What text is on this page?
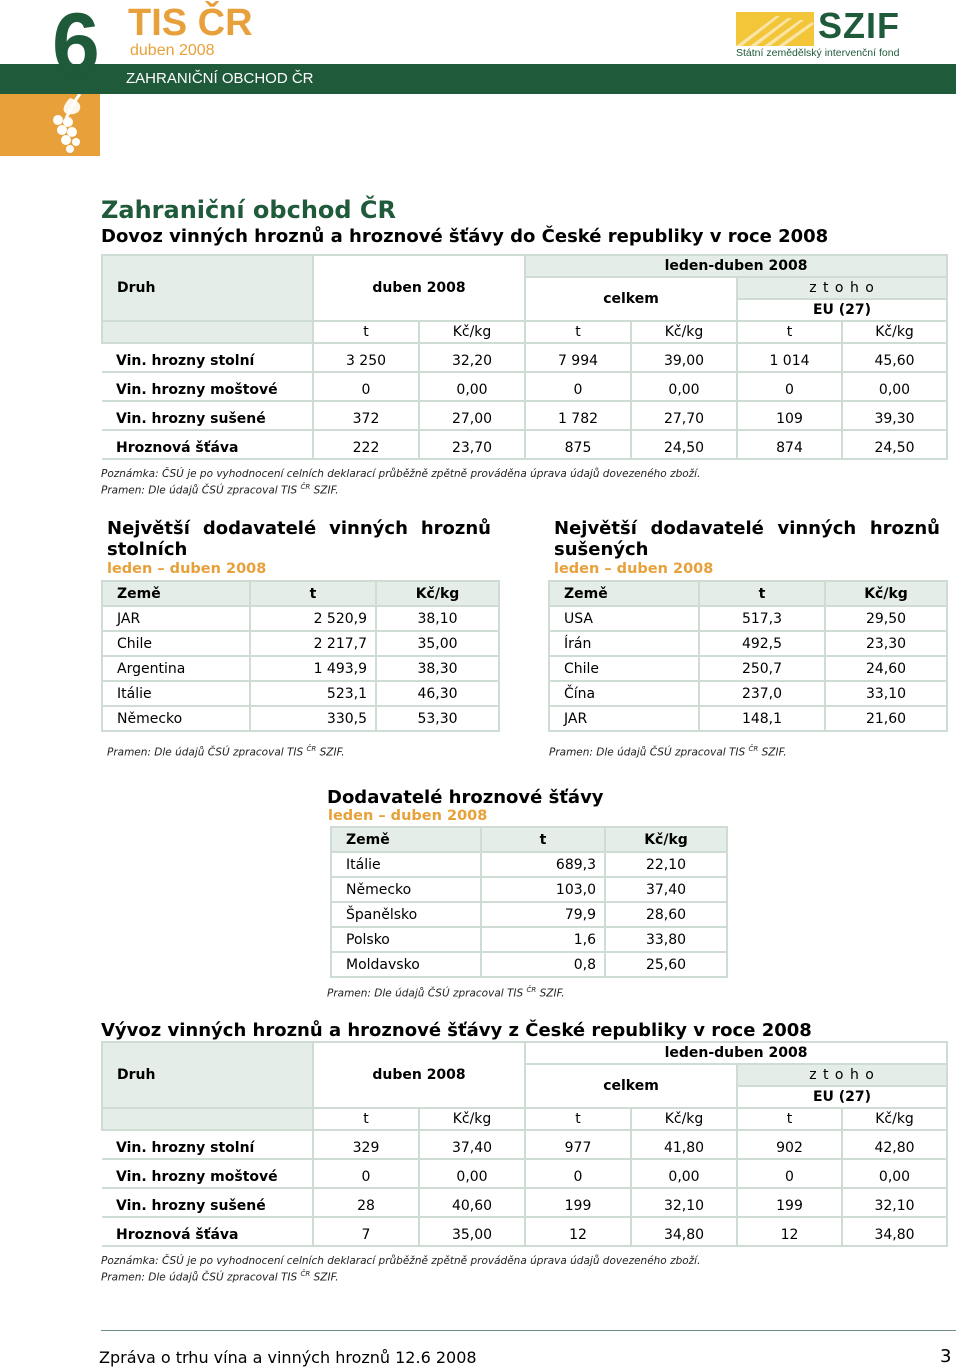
6 TIS ČR
duben 2008
ZAHRANIČNÍ OBCHOD ČR
SZIF
Státní zemědělský intervenční fond
Zahraniční obchod ČR
Dovoz vinných hroznů a hroznové šťávy do České republiky v roce 2008
Druh	duben 2008		leden-duben 2008			
			celkem		z t o h o	
					EU (27)	
	t	Kč/kg	t	Kč/kg	t	Kč/kg
Vin. hrozny stolní	3 250	32,20	7 994	39,00	1 014	45,60
Vin. hrozny moštové	0	0,00	0	0,00	0	0,00
Vin. hrozny sušené	372	27,00	1 782	27,70	109	39,30
Hroznová šťáva	222	23,70	875	24,50	874	24,50
Poznámka: ČSÚ je po vyhodnocení celních deklarací průběžně zpětně prováděna úprava údajů dovezeného zboží.
Pramen: Dle údajů ČSÚ zpracoval TIS $^{ČR}$ SZIF.
Největší dodavatelé vinných hroznů
stolních
leden – duben 2008
Země	t	Kč/kg
JAR	2 520,9	38,10
Chile	2 217,7	35,00
Argentina	1 493,9	38,30
Itálie	523,1	46,30
Německo	330,5	53,30
Pramen: Dle údajů ČSÚ zpracoval TIS $^{ČR}$ SZIF.
Největší dodavatelé vinných hroznů
sušených
leden – duben 2008
Země	t	Kč/kg
USA	517,3	29,50
Írán	492,5	23,30
Chile	250,7	24,60
Čína	237,0	33,10
JAR	148,1	21,60
Pramen: Dle údajů ČSÚ zpracoval TIS $^{ČR}$ SZIF.
Dodavatelé hroznové šťávy
leden – duben 2008
Země	t	Kč/kg
Itálie	689,3	22,10
Německo	103,0	37,40
Španělsko	79,9	28,60
Polsko	1,6	33,80
Moldavsko	0,8	25,60
Pramen: Dle údajů ČSÚ zpracoval TIS $^{ČR}$ SZIF.
Vývoz vinných hroznů a hroznové šťávy z České republiky v roce 2008
Druh	duben 2008		leden-duben 2008			
			celkem		z t o h o	
					EU (27)	
	t	Kč/kg	t	Kč/kg	t	Kč/kg
Vin. hrozny stolní	329	37,40	977	41,80	902	42,80
Vin. hrozny moštové	0	0,00	0	0,00	0	0,00
Vin. hrozny sušené	28	40,60	199	32,10	199	32,10
Hroznová šťáva	7	35,00	12	34,80	12	34,80
Poznámka: ČSÚ je po vyhodnocení celních deklarací průběžně zpětně prováděna úprava údajů dovezeného zboží.
Pramen: Dle údajů ČSÚ zpracoval TIS $^{ČR}$ SZIF.
Zpráva o trhu vína a vinných hroznů 12.6 2008	3
